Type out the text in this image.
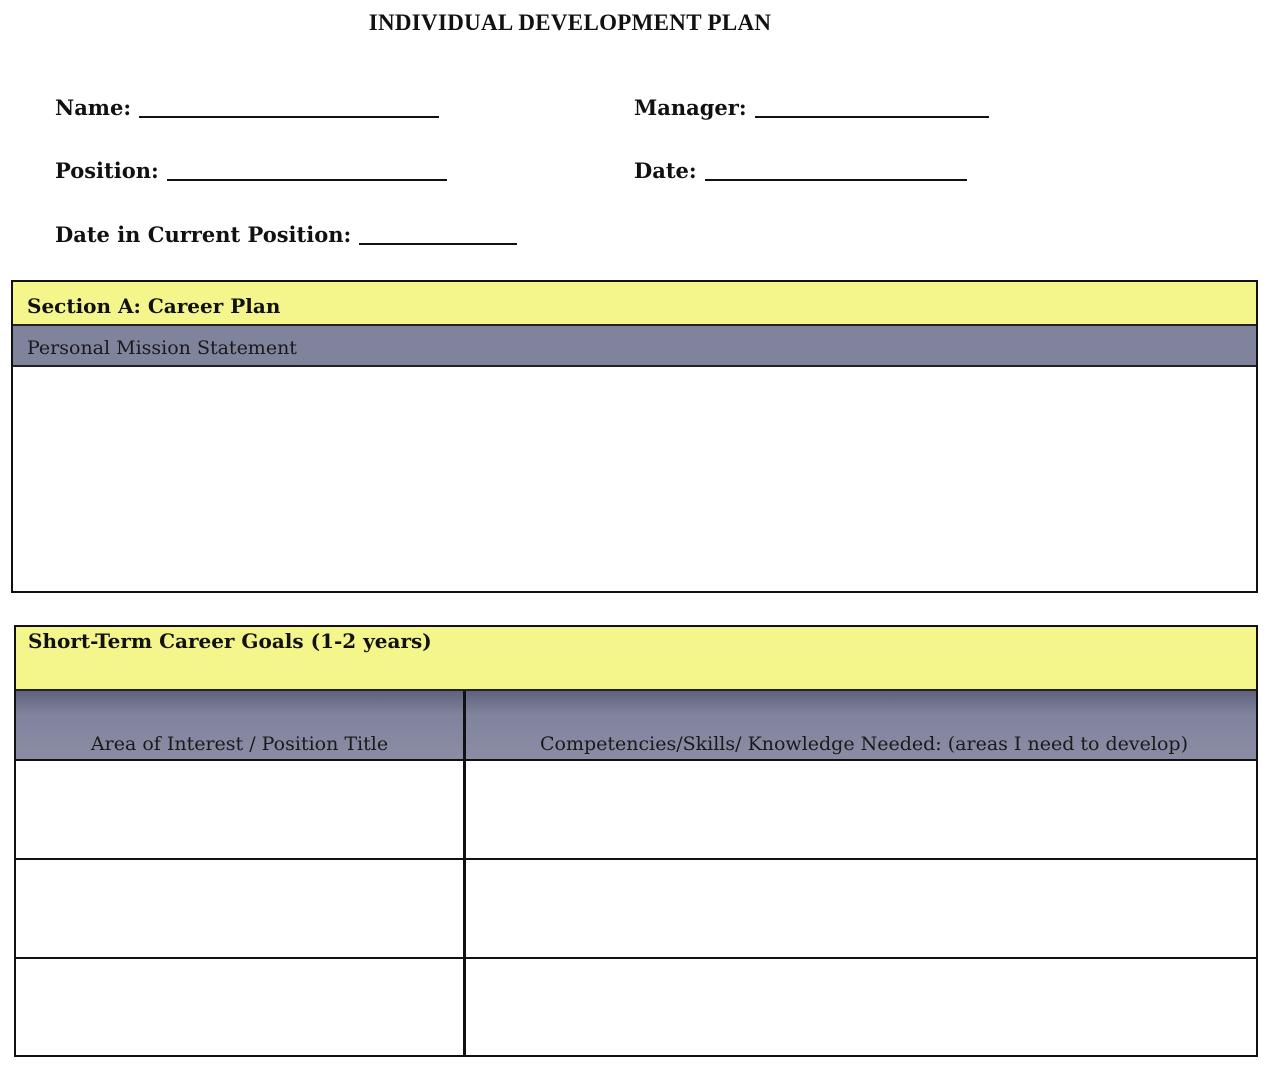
INDIVIDUAL DEVELOPMENT PLAN
Name:	Manager:
Position:	Date:
Date in Current Position:
Section A: Career Plan
Personal Mission Statement
Short-Term Career Goals (1-2 years)
Area of Interest / Position Title	Competencies/Skills/ Knowledge Needed: (areas I need to develop)
